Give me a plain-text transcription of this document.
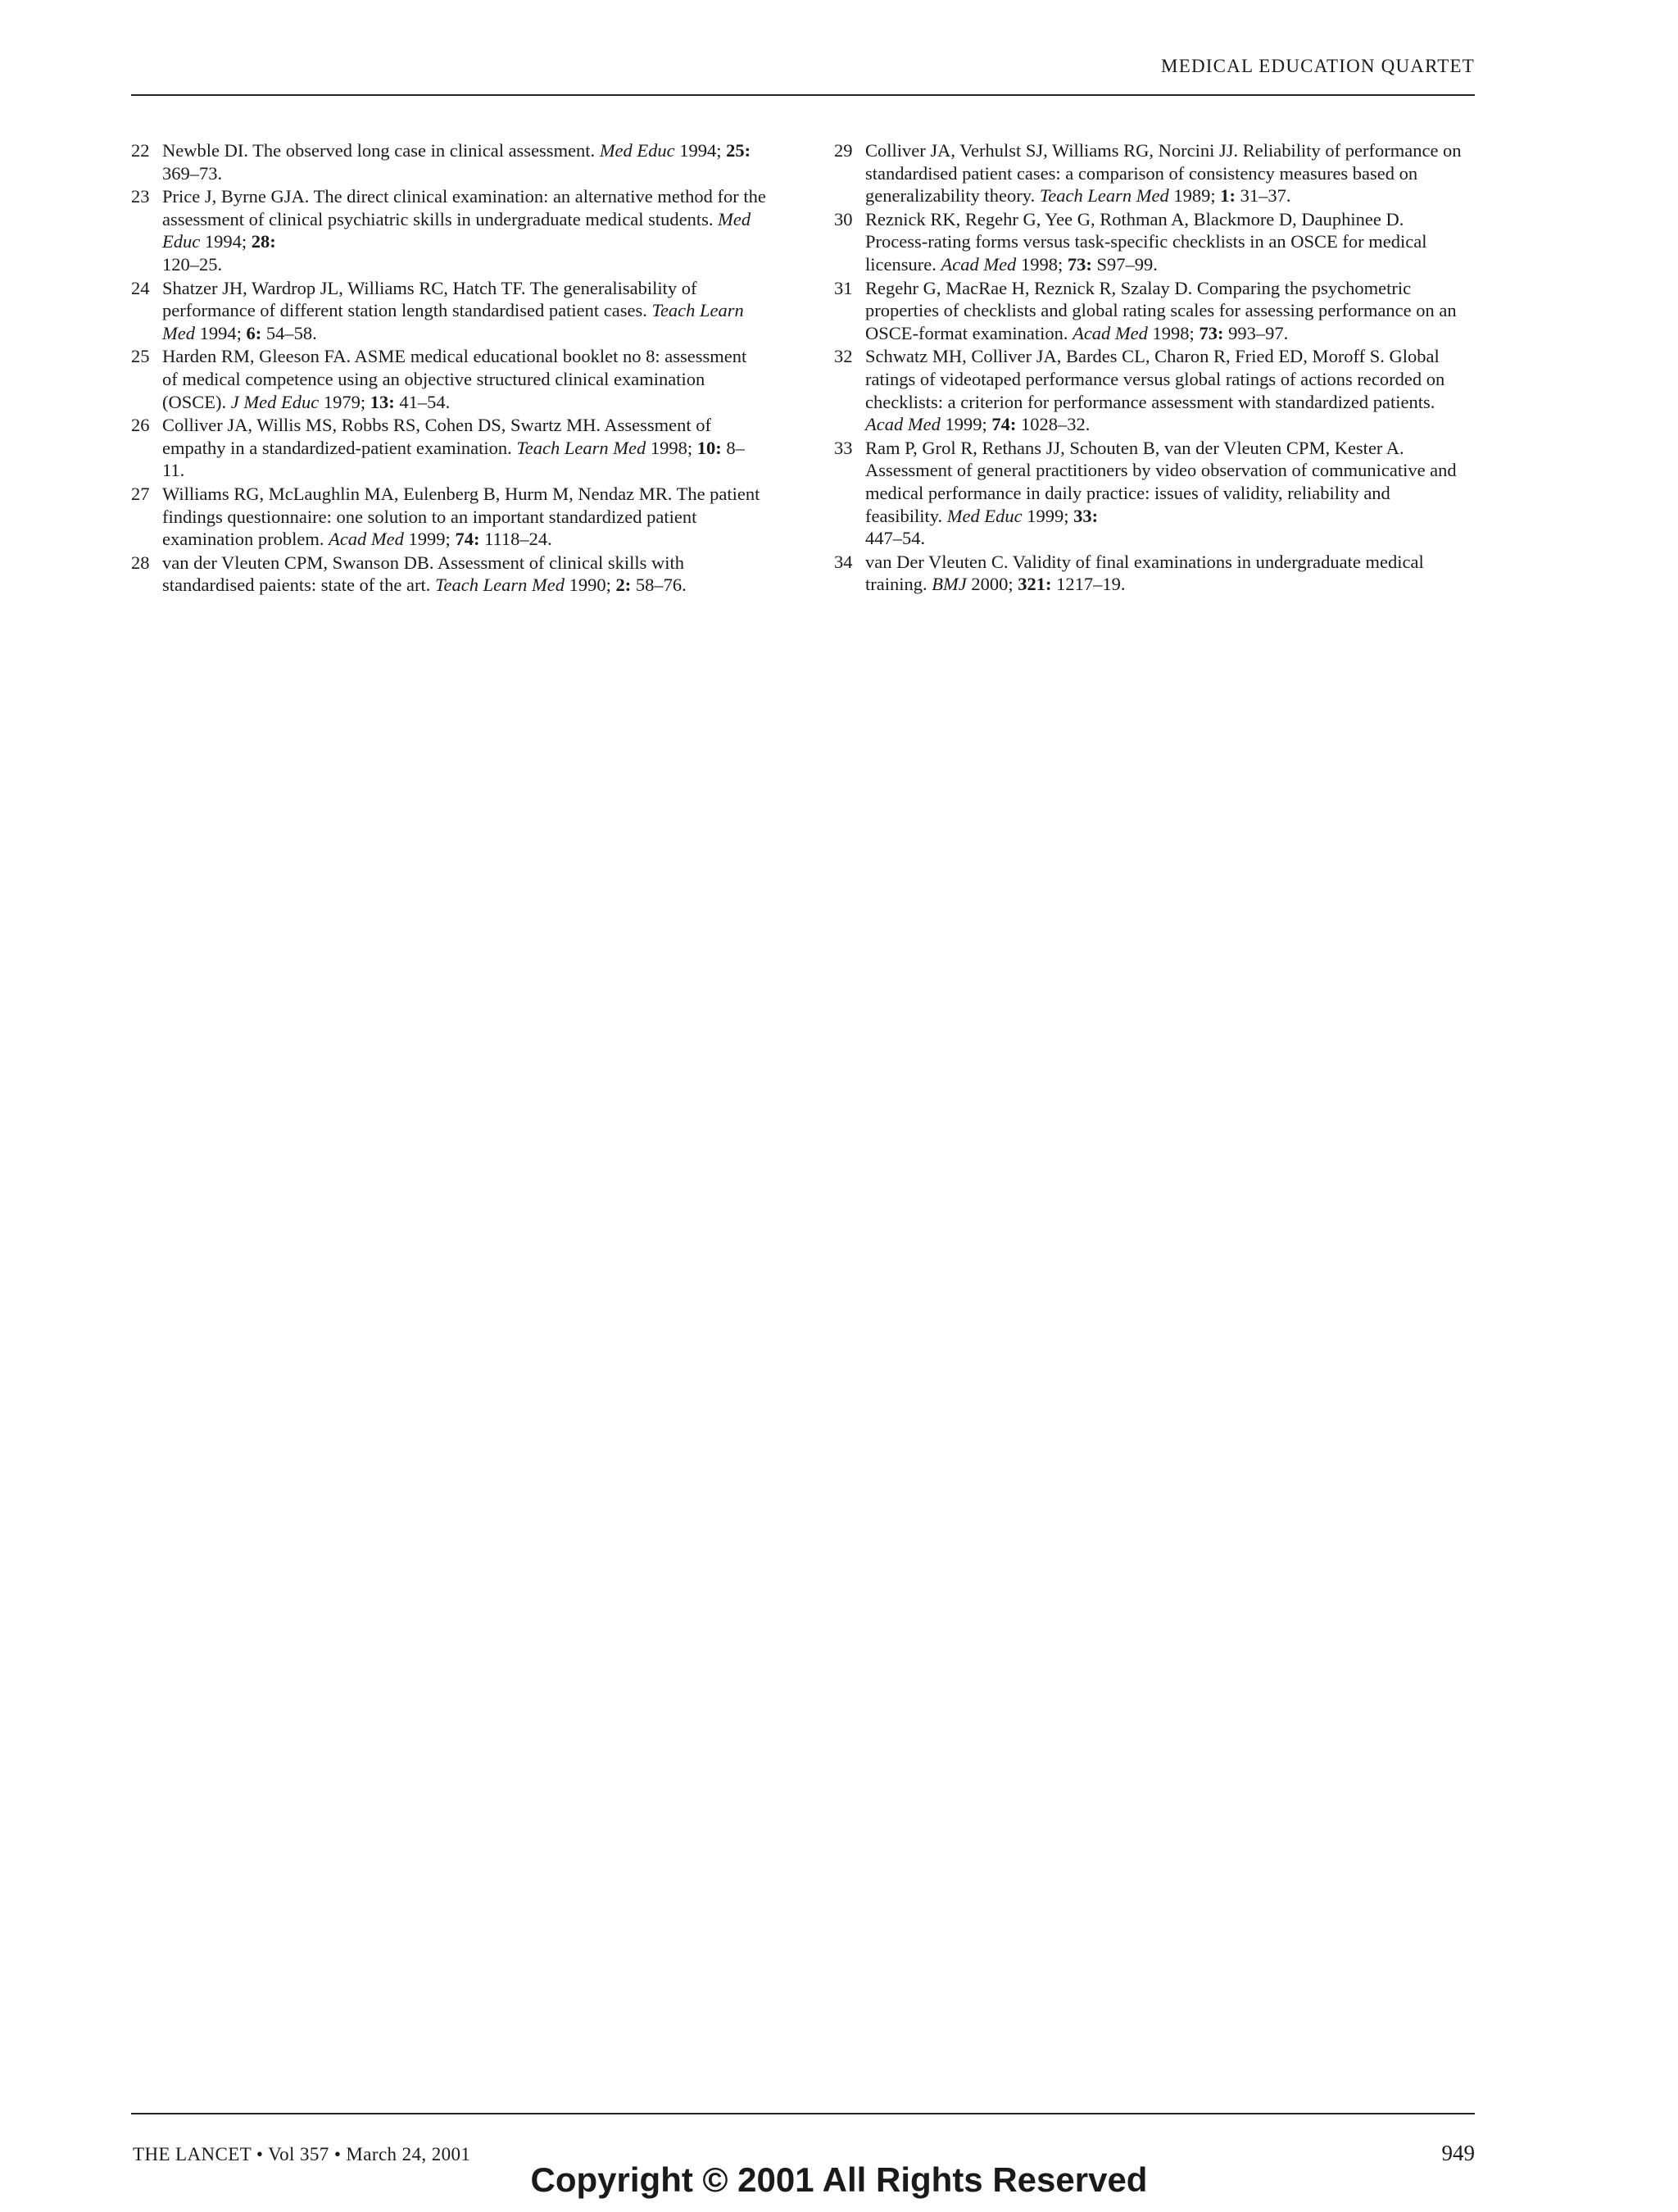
MEDICAL EDUCATION QUARTET
22 Newble DI. The observed long case in clinical assessment. Med Educ 1994; 25: 369–73.
23 Price J, Byrne GJA. The direct clinical examination: an alternative method for the assessment of clinical psychiatric skills in undergraduate medical students. Med Educ 1994; 28:
120–25.
24 Shatzer JH, Wardrop JL, Williams RC, Hatch TF. The generalisability of performance of different station length standardised patient cases. Teach Learn Med 1994; 6: 54–58.
25 Harden RM, Gleeson FA. ASME medical educational booklet no 8: assessment of medical competence using an objective structured clinical examination (OSCE). J Med Educ 1979; 13: 41–54.
26 Colliver JA, Willis MS, Robbs RS, Cohen DS, Swartz MH. Assessment of empathy in a standardized-patient examination. Teach Learn Med 1998; 10: 8–11.
27 Williams RG, McLaughlin MA, Eulenberg B, Hurm M, Nendaz MR. The patient findings questionnaire: one solution to an important standardized patient examination problem. Acad Med 1999; 74: 1118–24.
28 van der Vleuten CPM, Swanson DB. Assessment of clinical skills with standardised paients: state of the art. Teach Learn Med 1990; 2: 58–76.
29 Colliver JA, Verhulst SJ, Williams RG, Norcini JJ. Reliability of performance on standardised patient cases: a comparison of consistency measures based on generalizability theory. Teach Learn Med 1989; 1: 31–37.
30 Reznick RK, Regehr G, Yee G, Rothman A, Blackmore D, Dauphinee D. Process-rating forms versus task-specific checklists in an OSCE for medical licensure. Acad Med 1998; 73: S97–99.
31 Regehr G, MacRae H, Reznick R, Szalay D. Comparing the psychometric properties of checklists and global rating scales for assessing performance on an OSCE-format examination. Acad Med 1998; 73: 993–97.
32 Schwatz MH, Colliver JA, Bardes CL, Charon R, Fried ED, Moroff S. Global ratings of videotaped performance versus global ratings of actions recorded on checklists: a criterion for performance assessment with standardized patients. Acad Med 1999; 74: 1028–32.
33 Ram P, Grol R, Rethans JJ, Schouten B, van der Vleuten CPM, Kester A. Assessment of general practitioners by video observation of communicative and medical performance in daily practice: issues of validity, reliability and feasibility. Med Educ 1999; 33:
447–54.
34 van Der Vleuten C. Validity of final examinations in undergraduate medical training. BMJ 2000; 321: 1217–19.
THE LANCET • Vol 357 • March 24, 2001	949
Copyright © 2001 All Rights Reserved
